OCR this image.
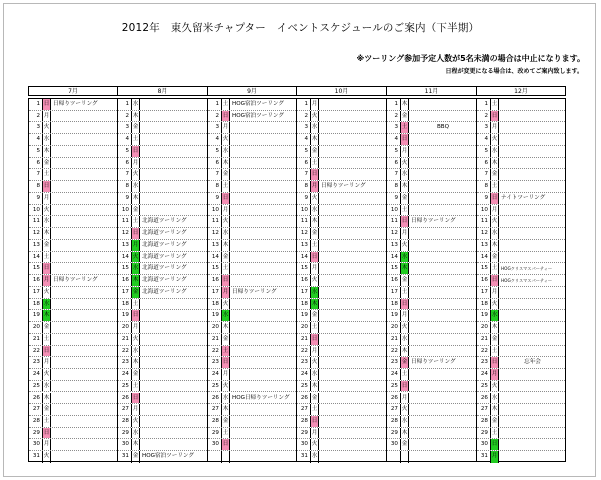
2012年　東久留米チャプター　イベントスケジュールのご案内（下半期）
※ツーリング参加予定人数が5名未満の場合は中止になります。
日程が変更になる場合は、改めてご案内致します。
7月
1 日 日帰りツーリング
2 月
3 火
4 水
5 木
6 金
7 土
8 日
9 月
10 火
11 水
12 木
13 金
14 土
15 日
16 月 日帰りツーリング
17 火
18 水
19 木
20 金
21 土
22 日
23 月
24 火
25 水
26 木
27 金
28 土
29 日
30 月
31 火
8月
1 水
2 木
3 金
4 土
5 日
6 月
7 火
8 水
9 木
10 金
11 土 北海道ツーリング
12 日 北海道ツーリング
13 月 北海道ツーリング
14 火 北海道ツーリング
15 水 北海道ツーリング
16 木 北海道ツーリング
17 金 北海道ツーリング
18 土
19 日
20 月
21 火
22 水
23 木
24 金
25 土
26 日
27 月
28 火
29 水
30 木
31 金 HOG宿泊ツーリング
9月
1 土 HOG宿泊ツーリング
2 日 HOG宿泊ツーリング
3 月
4 火
5 水
6 木
7 金
8 土
9 日
10 月
11 火
12 水
13 木
14 金
15 土
16 日
17 月 日帰りツーリング
18 火
19 水
20 木
21 金
22 土
23 日
24 月
25 火
26 水 HOG日帰りツーリング
27 木
28 金
29 土
30 日
10月
1 月
2 火
3 水
4 木
5 金
6 土
7 日
8 月 日帰りツーリング
9 火
10 水
11 木
12 金
13 土
14 日
15 月
16 火
17 水
18 木
19 金
20 土
21 日
22 月
23 火
24 水
25 木
26 金
27 土
28 日
29 月
30 火
31 水
11月
1 木
2 金
3 土	BBQ
4 日
5 月
6 火
7 水
8 木
9 金
10 土
11 日 日帰りツーリング
12 月
13 火
14 水
15 木
16 金
17 土
18 日
19 月
20 火
21 水
22 木
23 金 日帰りツーリング
24 土
25 日
26 月
27 火
28 水
29 木
30 金
12月
1 土
2 日
3 月
4 火
5 水
6 木
7 金
8 土
9 日 ナイトツーリング
10 月
11 火
12 水
13 木
14 金
15 土 HOGクリスマスパーティー
16 日 HOGクリスマスパーティー
17 月
18 火
19 水
20 木
21 金
22 土
23 日	忘年会
24 月
25 火
26 水
27 木
28 金
29 土
30 日
31 月
